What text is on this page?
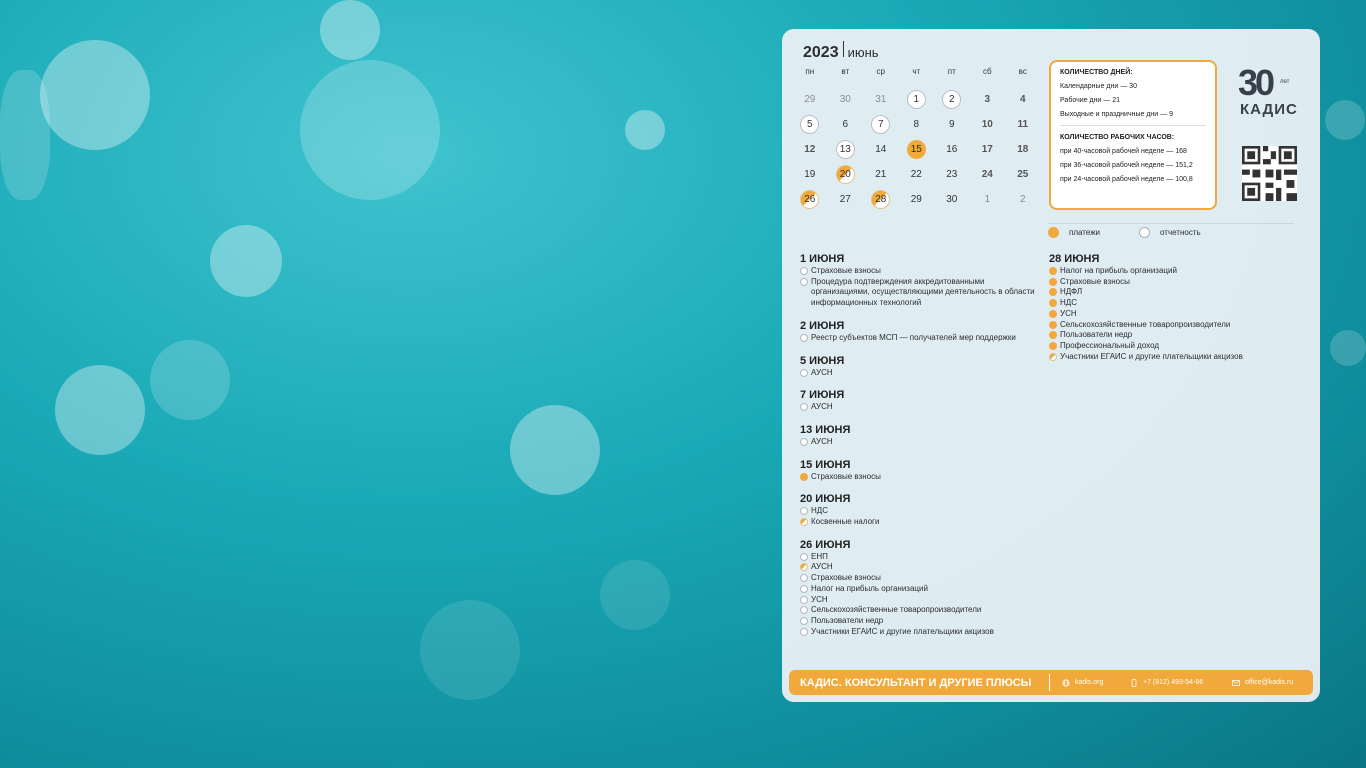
2023 июнь
пн	вт	ср	чт	пт	сб	вс
29	30	31	1	2	3	4
5	6	7	8	9	10	11
12	13	14	15	16	17	18
19	20	21	22	23	24	25
26	27	28	29	30	1	2
КОЛИЧЕСТВО ДНЕЙ:
Календарные дни — 30
Рабочие дни — 21
Выходные и праздничные дни — 9
КОЛИЧЕСТВО РАБОЧИХ ЧАСОВ:
при 40-часовой рабочей неделе — 168
при 36-часовой рабочей неделе — 151,2
при 24-часовой рабочей неделе — 100,8
30	лет
КАДИС
платежи	отчетность
1 ИЮНЯ
Страховые взносы
Процедура подтверждения аккредитованными организациями, осуществляющими деятельность в области информационных технологий
2 ИЮНЯ
Реестр субъектов МСП — получателей мер поддержки
5 ИЮНЯ
АУСН
7 ИЮНЯ
АУСН
13 ИЮНЯ
АУСН
15 ИЮНЯ
Страховые взносы
20 ИЮНЯ
НДС
Косвенные налоги
26 ИЮНЯ
ЕНП
АУСН
Страховые взносы
Налог на прибыль организаций
УСН
Сельскохозяйственные товаропроизводители
Пользователи недр
Участники ЕГАИС и другие плательщики акцизов
28 ИЮНЯ
Налог на прибыль организаций
Страховые взносы
НДФЛ
НДС
УСН
Сельскохозяйственные товаропроизводители
Пользователи недр
Профессиональный доход
Участники ЕГАИС и другие плательщики акцизов
КАДИС. КОНСУЛЬТАНТ И ДРУГИЕ ПЛЮСЫ	kadis.org	+7 (812) 493-54-66	office@kadis.ru
